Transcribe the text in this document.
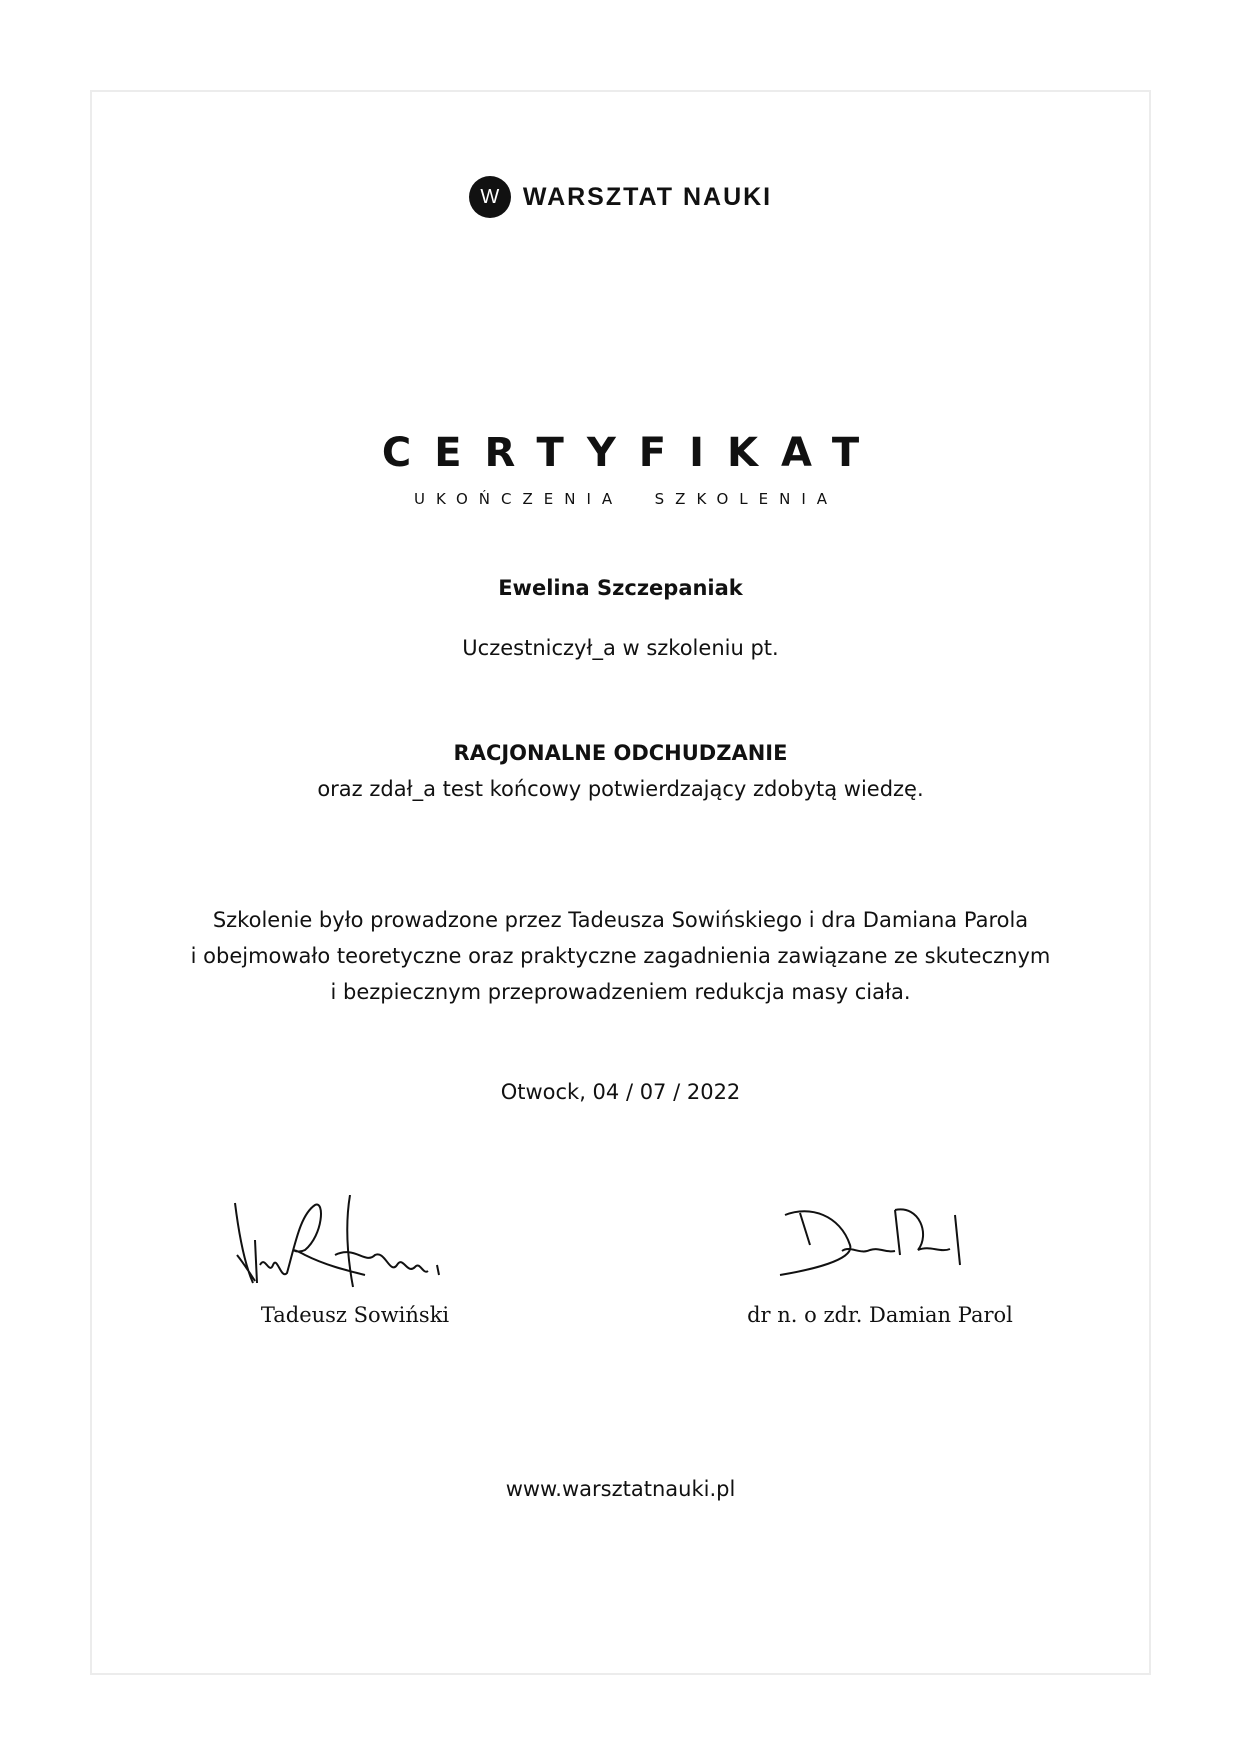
W WARSZTAT NAUKI
CERTYFIKAT
UKOŃCZENIA  SZKOLENIA
Ewelina Szczepaniak
Uczestniczył_a w szkoleniu pt.
RACJONALNE ODCHUDZANIE
oraz zdał_a test końcowy potwierdzający zdobytą wiedzę.
Szkolenie było prowadzone przez Tadeusza Sowińskiego i dra Damiana Parola
i obejmowało teoretyczne oraz praktyczne zagadnienia zawiązane ze skutecznym
i bezpiecznym przeprowadzeniem redukcja masy ciała.
Otwock, 04 / 07 / 2022
Tadeusz Sowiński	dr n. o zdr. Damian Parol
www.warsztatnauki.pl
